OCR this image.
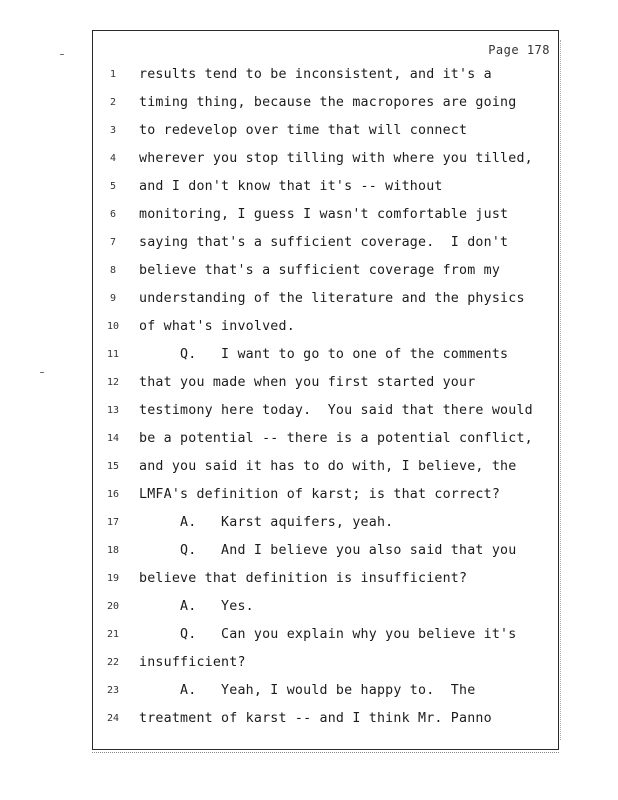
Page 178
1	results tend to be inconsistent, and it's a
2	timing thing, because the macropores are going
3	to redevelop over time that will connect
4	wherever you stop tilling with where you tilled,
5	and I don't know that it's -- without
6	monitoring, I guess I wasn't comfortable just
7	saying that's a sufficient coverage.  I don't
8	believe that's a sufficient coverage from my
9	understanding of the literature and the physics
10 of what's involved.
11 Q.   I want to go to one of the comments
12 that you made when you first started your
13 testimony here today.  You said that there would
14 be a potential -- there is a potential conflict,
15 and you said it has to do with, I believe, the
16 LMFA's definition of karst; is that correct?
17 A.   Karst aquifers, yeah.
18 Q.   And I believe you also said that you
19 believe that definition is insufficient?
20 A.   Yes.
21 Q.   Can you explain why you believe it's
22 insufficient?
23 A.   Yeah, I would be happy to.  The
24 treatment of karst -- and I think Mr. Panno
